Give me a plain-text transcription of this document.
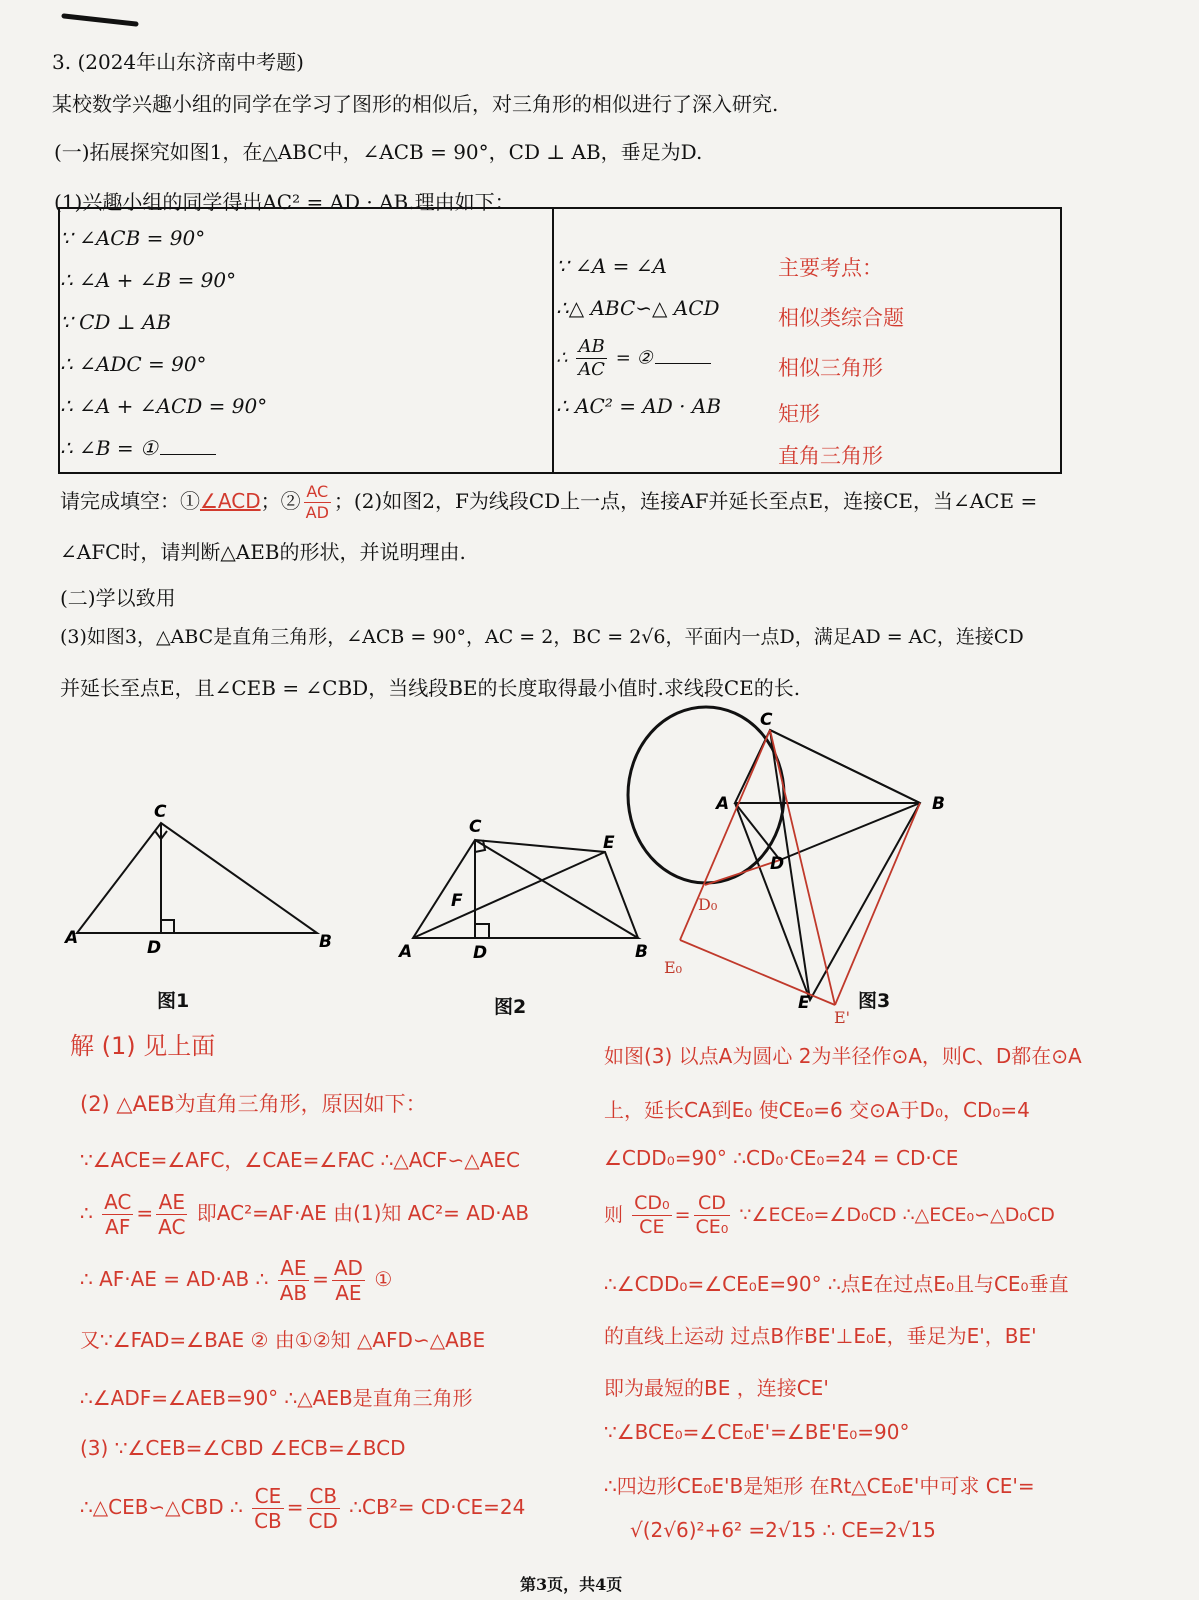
3. (2024年山东济南中考题)
某校数学兴趣小组的同学在学习了图形的相似后，对三角形的相似进行了深入研究.
(一)拓展探究如图1，在△ABC中，∠ACB = 90°，CD ⊥ AB，垂足为D.
(1)兴趣小组的同学得出AC² = AD · AB.理由如下：
∵ ∠ACB = 90°
∴ ∠A + ∠B = 90°
∵ CD ⊥ AB
∴ ∠ADC = 90°
∴ ∠A + ∠ACD = 90°
∴ ∠B = ①
∵ ∠A = ∠A
∴△ ABC∽△ ACD
∴ $\frac{AB}{AC}$ = ②
∴ AC² = AD · AB
主要考点：
相似类综合题
相似三角形
矩形
直角三角形
请完成填空：①∠ACD；② $\frac{AC}{AD}$ ；(2)如图2，F为线段CD上一点，连接AF并延长至点E，连接CE，当∠ACE =
∠AFC时，请判断△AEB的形状，并说明理由.
(二)学以致用
(3)如图3，△ABC是直角三角形，∠ACB = 90°，AC = 2，BC = 2√6，平面内一点D，满足AD = AC，连接CD
并延长至点E，且∠CEB = ∠CBD，当线段BE的长度取得最小值时.求线段CE的长.
A	B
C
D
图1
A	B
C
D
E
F
图2
C
A	B
D
E
D₀
E₀
E'
图3
解 (1) 见上面
(2) △AEB为直角三角形，原因如下：
∵∠ACE=∠AFC，∠CAE=∠FAC ∴△ACF∽△AEC
∴ $\frac{AC}{AF} = \frac{AE}{AC}$ 即AC²=AF·AE 由(1)知 AC²= AD·AB
∴ AF·AE = AD·AB ∴ $\frac{AE}{AB} = \frac{AD}{AE}$ ①
又∵∠FAD=∠BAE ② 由①②知 △AFD∽△ABE
∴∠ADF=∠AEB=90° ∴△AEB是直角三角形
(3) ∵∠CEB=∠CBD ∠ECB=∠BCD
∴△CEB∽△CBD ∴ $\frac{CE}{CB} = \frac{CB}{CD}$ ∴CB²= CD·CE=24
如图(3) 以点A为圆心 2为半径作⊙A，则C、D都在⊙A
上，延长CA到E₀ 使CE₀=6 交⊙A于D₀，CD₀=4
∠CDD₀=90° ∴CD₀·CE₀=24 = CD·CE
则 $\frac{\text{CD₀}}{CE} = \frac{CD}{\text{CE₀}}$ ∵∠ECE₀=∠D₀CD ∴△ECE₀∽△D₀CD
∴∠CDD₀=∠CE₀E=90° ∴点E在过点E₀且与CE₀垂直
的直线上运动 过点B作BE'⊥E₀E，垂足为E'，BE'
即为最短的BE ，连接CE'
∵∠BCE₀=∠CE₀E'=∠BE'E₀=90°
∴四边形CE₀E'B是矩形 在Rt△CE₀E'中可求 CE'=
√(2√6)²+6² =2√15 ∴ CE=2√15
第3页，共4页
